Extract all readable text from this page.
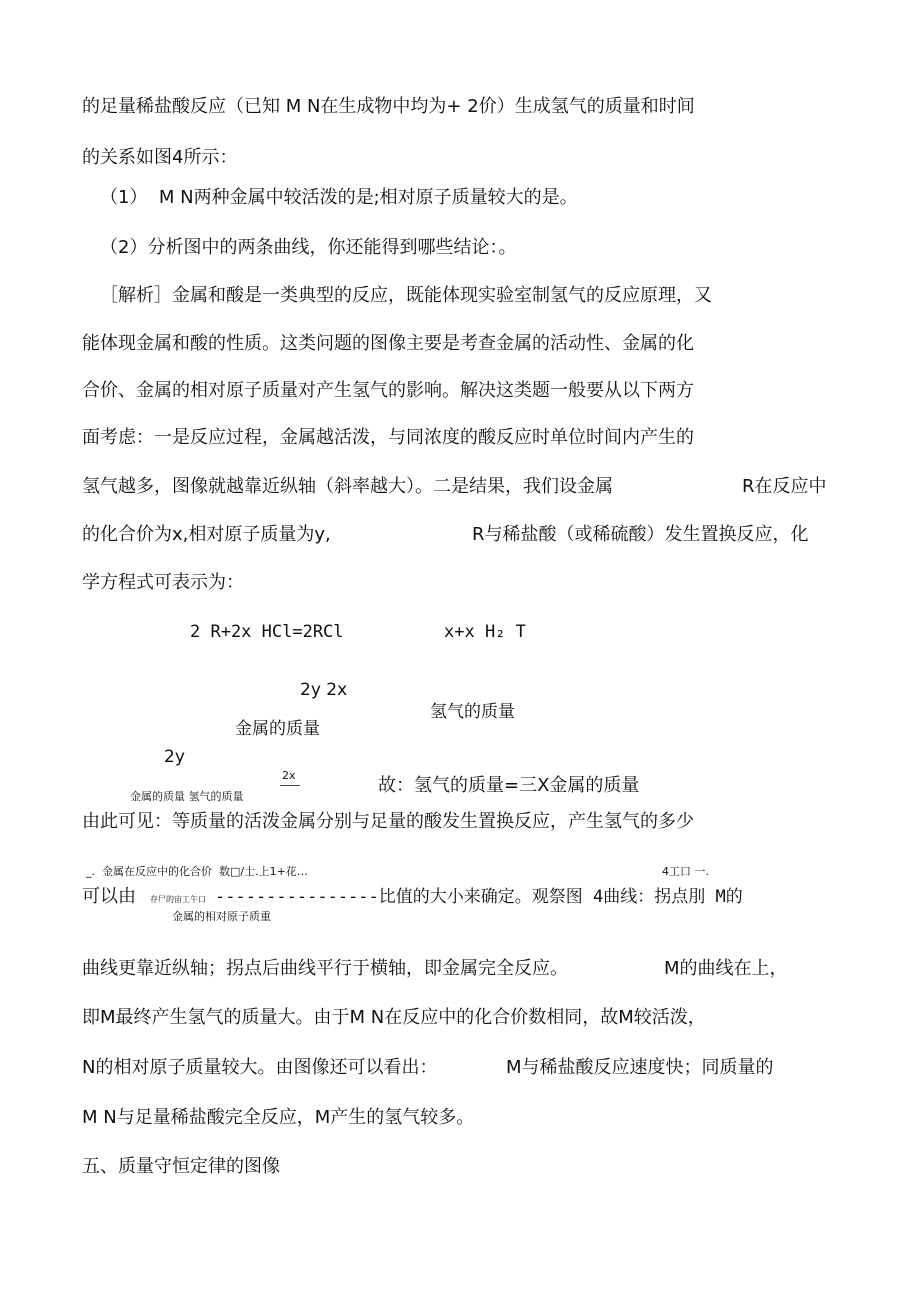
的足量稀盐酸反应（已知 M N在生成物中均为+ 2价）生成氢气的质量和时间
的关系如图4所示：
（1）  M N两种金属中较活泼的是;相对原子质量较大的是。
（2）分析图中的两条曲线，你还能得到哪些结论：。
［解析］金属和酸是一类典型的反应，既能体现实验室制氢气的反应原理，又
能体现金属和酸的性质。这类问题的图像主要是考查金属的活动性、金属的化
合价、金属的相对原子质量对产生氢气的影响。解决这类题一般要从以下两方
面考虑：一是反应过程，金属越活泼，与同浓度的酸反应时单位时间内产生的
氢气越多，图像就越靠近纵轴（斜率越大）。二是结果，我们设金属	R在反应中
的化合价为x,相对原子质量为y,	R与稀盐酸（或稀硫酸）发生置换反应，化
学方程式可表示为：
2 R+2x HCl=2RCl	x+x H₂ T
2y 2x
氢气的质量
金属的质量
2y
2x
金属的质量 氢气的质量
故：氢气的质量=三X金属的质量
由此可见：等质量的活泼金属分别与足量的酸发生置换反应，产生氢气的多少
_.  金属在反应中的化合价  数□/士.上1+花…	4工口 一.
可以由 存尸的宙工午口 ----------------比值的大小来确定。观祭图 4曲线：拐点刖 M的
金属的相对原子质重
曲线更靠近纵轴；拐点后曲线平行于横轴，即金属完全反应。	M的曲线在上，
即M最终产生氢气的质量大。由于M N在反应中的化合价数相同，故M较活泼，
N的相对原子质量较大。由图像还可以看出：	M与稀盐酸反应速度快；同质量的
M N与足量稀盐酸完全反应，M产生的氢气较多。
五、质量守恒定律的图像
